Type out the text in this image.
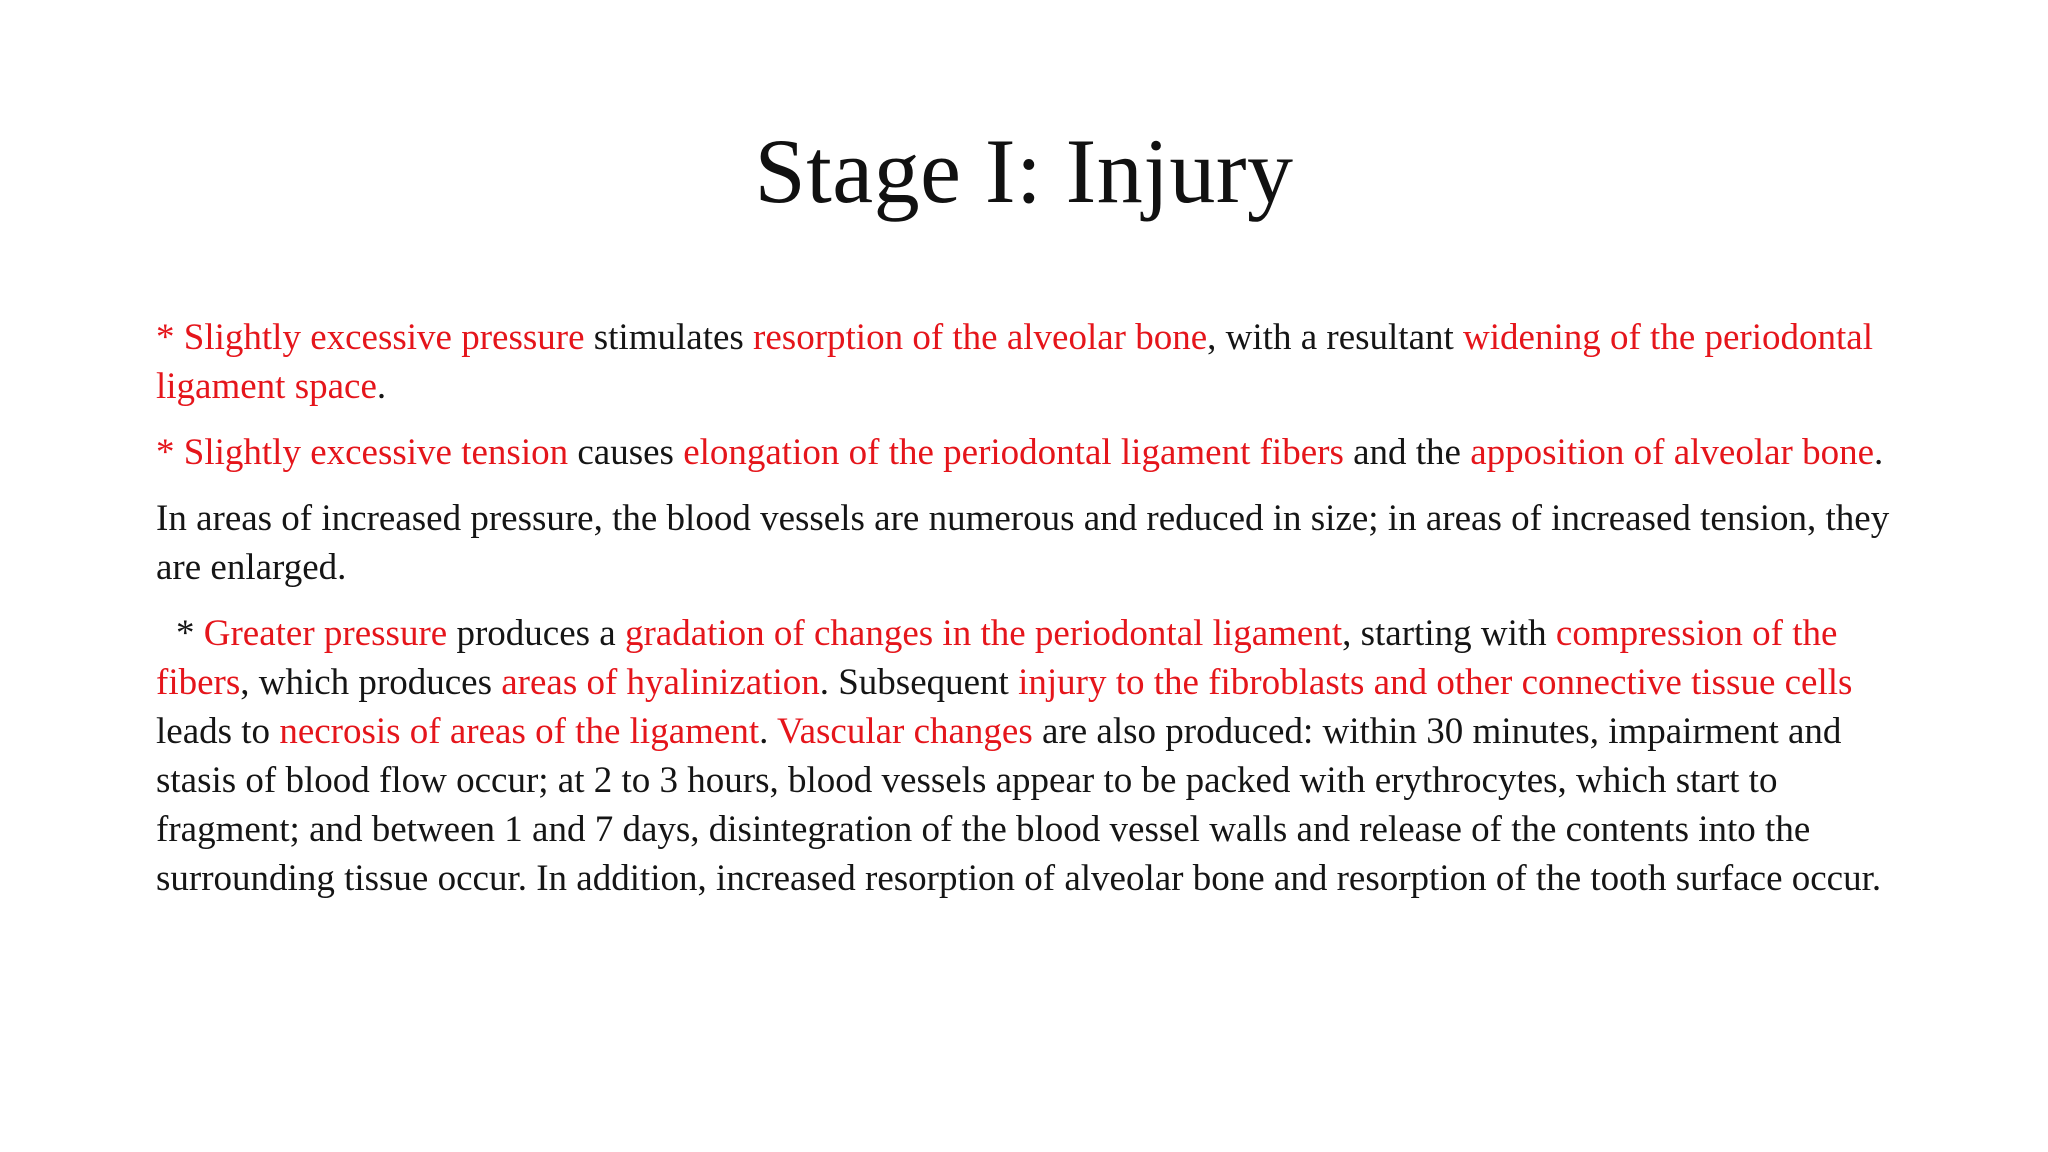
Stage I: Injury

* Slightly excessive pressure stimulates resorption of the alveolar bone, with a resultant widening of the periodontal ligament space.

* Slightly excessive tension causes elongation of the periodontal ligament fibers and the apposition of alveolar bone.

In areas of increased pressure, the blood vessels are numerous and reduced in size; in areas of increased tension, they are enlarged.

* Greater pressure produces a gradation of changes in the periodontal ligament, starting with compression of the fibers, which produces areas of hyalinization. Subsequent injury to the fibroblasts and other connective tissue cells leads to necrosis of areas of the ligament. Vascular changes are also produced: within 30 minutes, impairment and stasis of blood flow occur; at 2 to 3 hours, blood vessels appear to be packed with erythrocytes, which start to fragment; and between 1 and 7 days, disintegration of the blood vessel walls and release of the contents into the surrounding tissue occur. In addition, increased resorption of alveolar bone and resorption of the tooth surface occur.
